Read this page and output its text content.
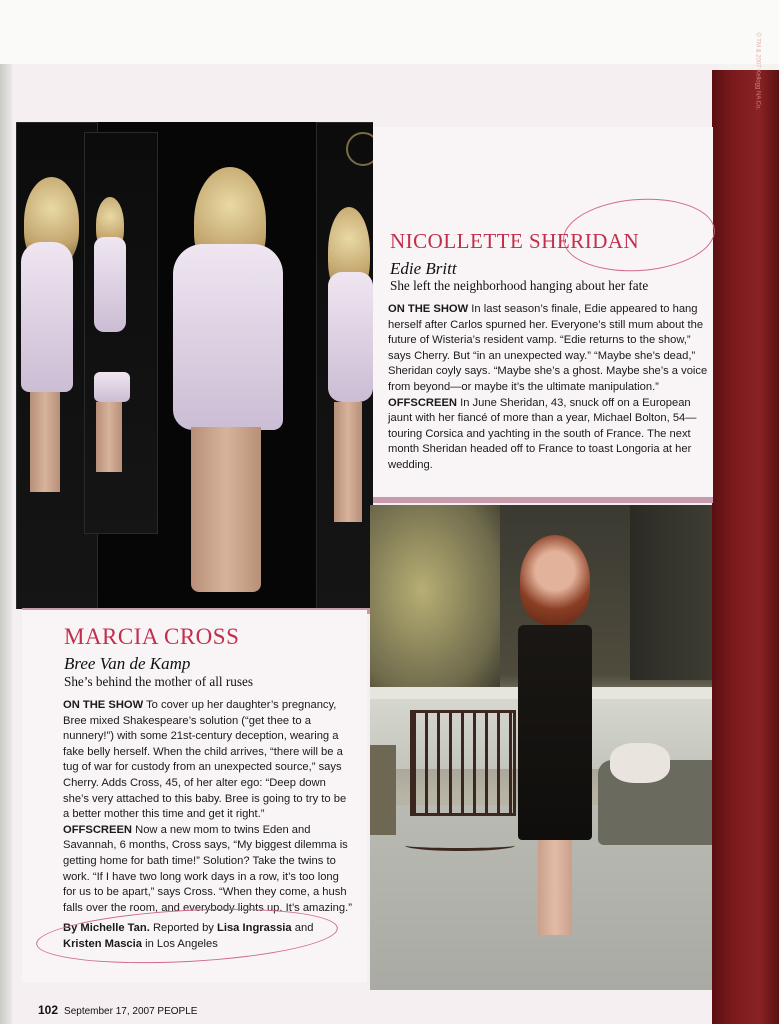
© TM & 2007 Kellogg NA Co.
NICOLLETTE SHERIDAN
Edie Britt
She left the neighborhood hanging about her fate

ON THE SHOW In last season’s finale, Edie appeared to hang herself after Carlos spurned her. Everyone’s still mum about the future of Wisteria’s resident vamp. “Edie returns to the show,” says Cherry. But “in an unexpected way.” “Maybe she’s dead,” Sheridan coyly says. “Maybe she’s a ghost. Maybe she’s a voice from beyond—or maybe it’s the ultimate manipulation.”

OFFSCREEN In June Sheridan, 43, snuck off on a European jaunt with her fiancé of more than a year, Michael Bolton, 54—touring Corsica and yachting in the south of France. The next month Sheridan headed off to France to toast Longoria at her wedding.

MARCIA CROSS
Bree Van de Kamp
She’s behind the mother of all ruses

ON THE SHOW To cover up her daughter’s pregnancy, Bree mixed Shakespeare’s solution (“get thee to a nunnery!”) with some 21st-century deception, wearing a fake belly herself. When the child arrives, “there will be a tug of war for custody from an unexpected source,” says Cherry. Adds Cross, 45, of her alter ego: “Deep down she’s very attached to this baby. Bree is going to try to be a better mother this time and get it right.”

OFFSCREEN Now a new mom to twins Eden and Savannah, 6 months, Cross says, “My biggest dilemma is getting home for bath time!” Solution? Take the twins to work. “If I have two long work days in a row, it’s too long for us to be apart,” says Cross. “When they come, a hush falls over the room, and everybody lights up. It’s amazing.”

By Michelle Tan. Reported by Lisa Ingrassia and Kristen Mascia in Los Angeles

102 September 17, 2007 PEOPLE
